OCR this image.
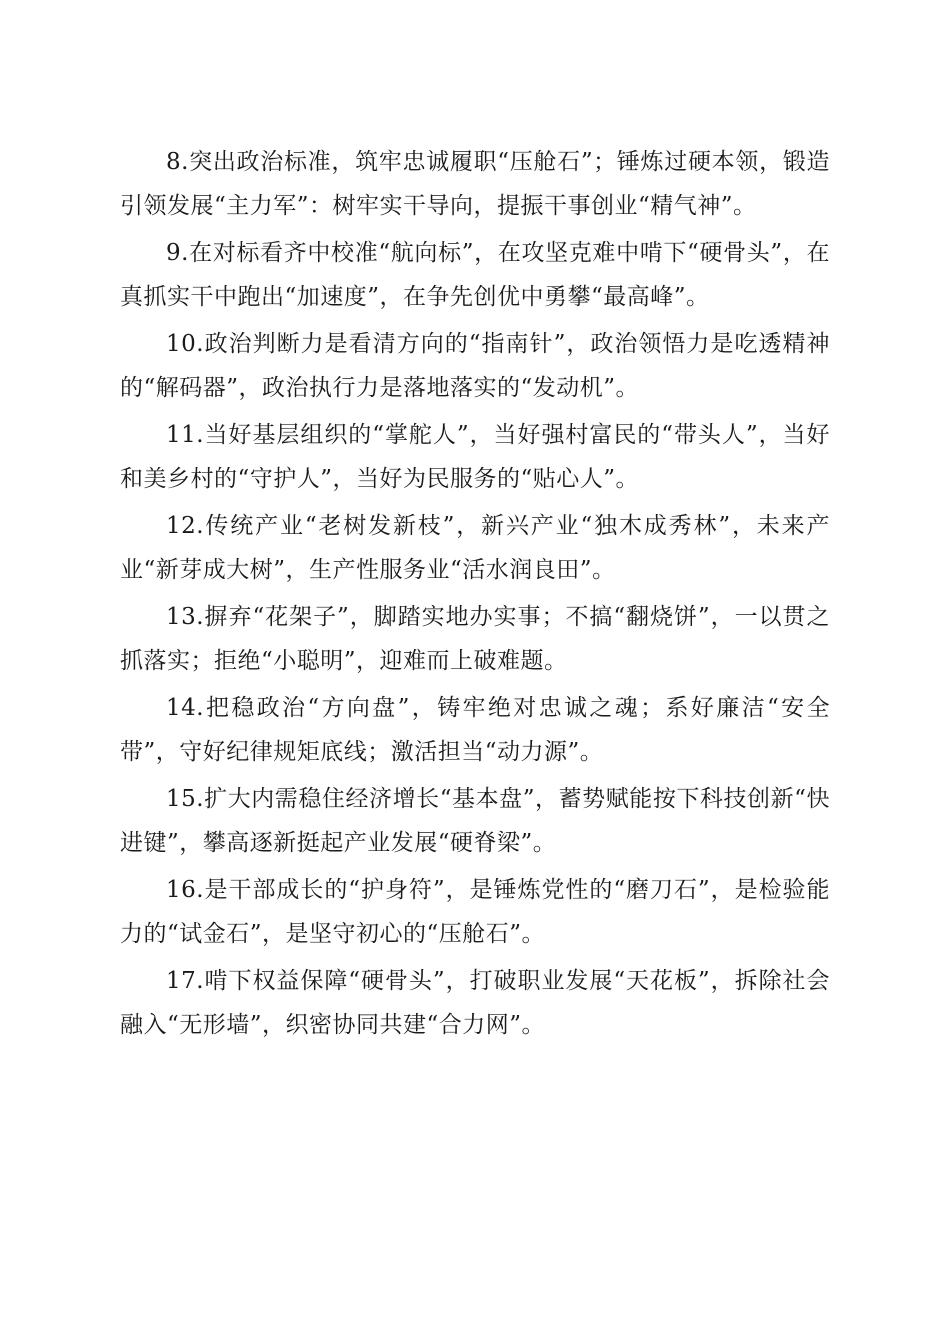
8.突出政治标准，筑牢忠诚履职“压舱石”；锤炼过硬本领，锻造引领发展“主力军”：树牢实干导向，提振干事创业“精气神”。

9.在对标看齐中校准“航向标”，在攻坚克难中啃下“硬骨头”，在真抓实干中跑出“加速度”，在争先创优中勇攀“最高峰”。

10.政治判断力是看清方向的“指南针”，政治领悟力是吃透精神的“解码器”，政治执行力是落地落实的“发动机”。

11.当好基层组织的“掌舵人”，当好强村富民的“带头人”，当好和美乡村的“守护人”，当好为民服务的“贴心人”。

12.传统产业“老树发新枝”，新兴产业“独木成秀林”，未来产业“新芽成大树”，生产性服务业“活水润良田”。

13.摒弃“花架子”，脚踏实地办实事；不搞“翻烧饼”，一以贯之抓落实；拒绝“小聪明”，迎难而上破难题。

14.把稳政治“方向盘”，铸牢绝对忠诚之魂；系好廉洁“安全带”，守好纪律规矩底线；激活担当“动力源”。

15.扩大内需稳住经济增长“基本盘”，蓄势赋能按下科技创新“快进键”，攀高逐新挺起产业发展“硬脊梁”。

16.是干部成长的“护身符”，是锤炼党性的“磨刀石”，是检验能力的“试金石”，是坚守初心的“压舱石”。

17.啃下权益保障“硬骨头”，打破职业发展“天花板”，拆除社会融入“无形墙”，织密协同共建“合力网”。
